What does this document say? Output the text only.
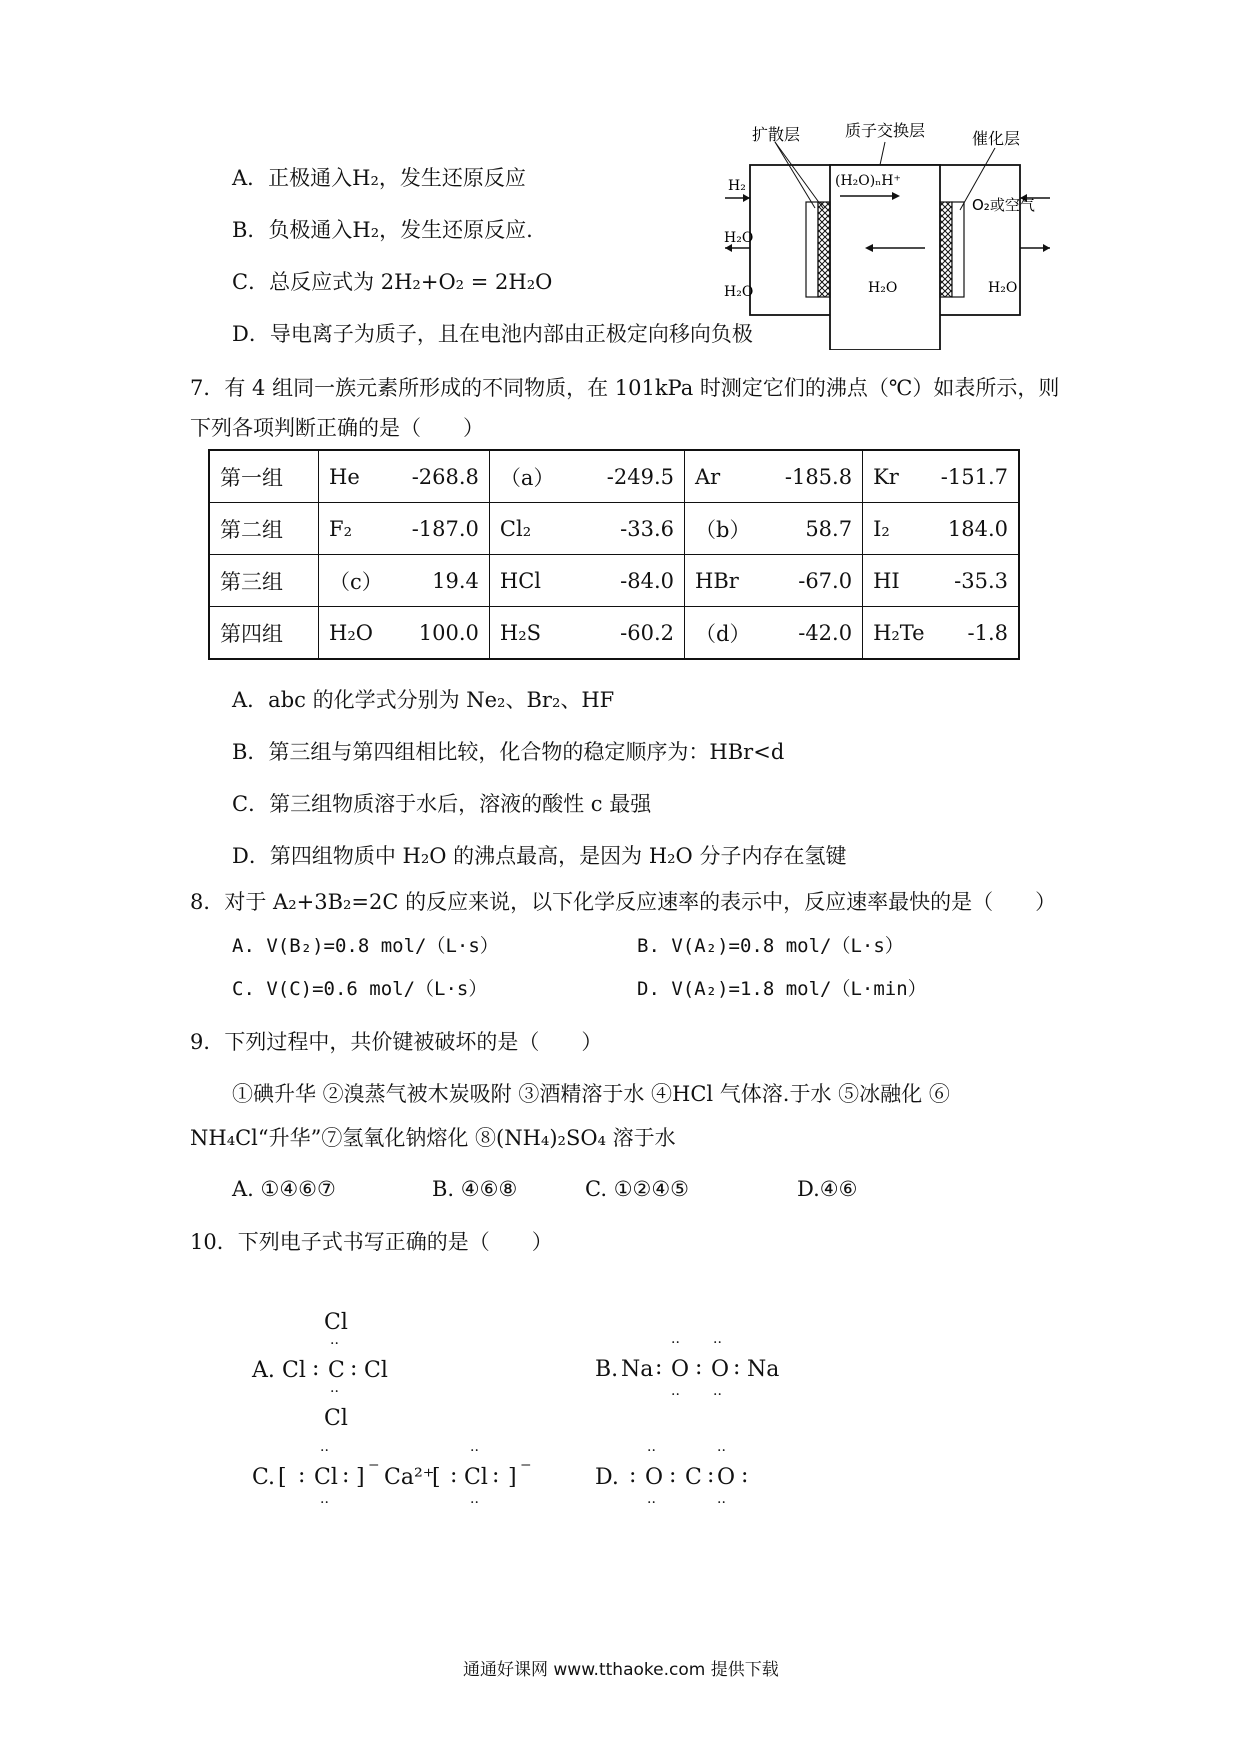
A．正极通入H₂，发生还原反应
B．负极通入H₂，发生还原反应.
C．总反应式为 2H₂+O₂ = 2H₂O
D．导电离子为质子，且在电池内部由正极定向移向负极
扩散层	质子交换层	催化层
H₂
H₂O
H₂O
(H₂O)ₙH⁺
H₂O
O₂或空气
H₂O
7．有 4 组同一族元素所形成的不同物质，在 101kPa 时测定它们的沸点（℃）如表所示，则
下列各项判断正确的是（　　）
第一组	He -268.8	（a） -249.5	Ar -185.8	Kr -151.7

第二组	F₂ -187.0	Cl₂ -33.6	（b） 58.7	I₂ 184.0

第三组	（c） 19.4	HCl -84.0	HBr -67.0	HI -35.3

第四组	H₂O 100.0	H₂S -60.2	（d） -42.0	H₂Te -1.8
A．abc 的化学式分别为 Ne₂、Br₂、HF
B．第三组与第四组相比较，化合物的稳定顺序为：HBr<d
C．第三组物质溶于水后，溶液的酸性 c 最强
D．第四组物质中 H₂O 的沸点最高，是因为 H₂O 分子内存在氢键
8．对于 A₂+3B₂=2C 的反应来说，以下化学反应速率的表示中，反应速率最快的是（　　）
A. V(B₂)=0.8 mol/（L·s）	B. V(A₂)=0.8 mol/（L·s）
C. V(C)=0.6 mol/（L·s）	D. V(A₂)=1.8 mol/（L·min）
9．下列过程中，共价键被破坏的是（　　）
①碘升华 ②溴蒸气被木炭吸附 ③酒精溶于水 ④HCl 气体溶.于水 ⑤冰融化 ⑥
NH₄Cl“升华”⑦氢氧化钠熔化 ⑧(NH₄)₂SO₄ 溶于水
A. ①④⑥⑦	B. ④⑥⑧	C. ①②④⑤	D.④⑥
10．下列电子式书写正确的是（　　）
Cl
··
A. Cl : C : Cl
··
Cl
·· ··
B. Na : O : O : Na
·· ··
··	··
C. [ : Cl : ] ⁻ Ca²⁺
[ : Cl : ] ⁻
··	··
··	··
D. : O : C : O :
··	··
通通好课网 www.tthaoke.com 提供下载
